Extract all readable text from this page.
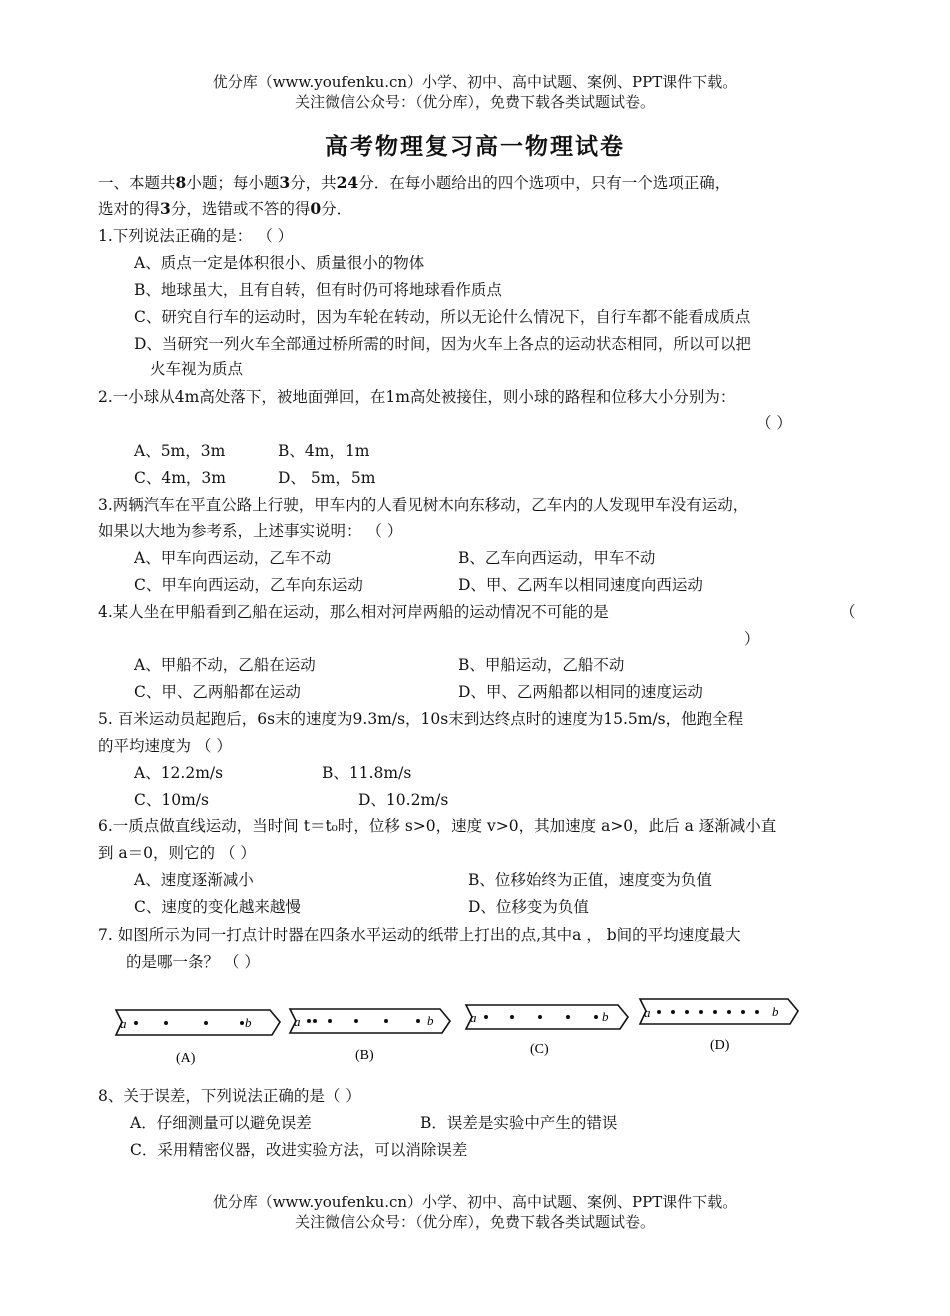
优分库（www.youfenku.cn）小学、初中、高中试题、案例、PPT课件下载。
关注微信公众号：（优分库），免费下载各类试题试卷。
高考物理复习高一物理试卷
一、本题共8小题；每小题3分，共24分．在每小题给出的四个选项中，只有一个选项正确，
选对的得3分，选错或不答的得0分．
1.下列说法正确的是： （ ）
A、质点一定是体积很小、质量很小的物体
B、地球虽大，且有自转，但有时仍可将地球看作质点
C、研究自行车的运动时，因为车轮在转动，所以无论什么情况下，自行车都不能看成质点
D、当研究一列火车全部通过桥所需的时间，因为火车上各点的运动状态相同，所以可以把
火车视为质点
2.一小球从4m高处落下，被地面弹回，在1m高处被接住，则小球的路程和位移大小分别为：
（ ）
A、5m，3m	B、4m，1m
C、4m，3m	D、 5m，5m
3.两辆汽车在平直公路上行驶，甲车内的人看见树木向东移动，乙车内的人发现甲车没有运动，
如果以大地为参考系，上述事实说明： （ ）
A、甲车向西运动，乙车不动	B、乙车向西运动，甲车不动
C、甲车向西运动，乙车向东运动	D、甲、乙两车以相同速度向西运动
4.某人坐在甲船看到乙船在运动，那么相对河岸两船的运动情况不可能的是	（
）
A、甲船不动，乙船在运动	B、甲船运动，乙船不动
C、甲、乙两船都在运动	D、甲、乙两船都以相同的速度运动
5. 百米运动员起跑后，6s末的速度为9.3m/s，10s末到达终点时的速度为15.5m/s，他跑全程
的平均速度为 （ ）
A、12.2m/s	B、11.8m/s
C、10m/s	D、10.2m/s
6.一质点做直线运动，当时间 t＝t₀时，位移 s>0，速度 v>0，其加速度 a>0，此后 a 逐渐减小直
到 a＝0，则它的 （ ）
A、速度逐渐减小	B、位移始终为正值，速度变为负值
C、速度的变化越来越慢	D、位移变为负值
7. 如图所示为同一打点计时器在四条水平运动的纸带上打出的点,其中a ， b间的平均速度最大
的是哪一条？ （ ）
a	b
(A)
a	b
(B)
a	b
(C)
a	b
(D)
8、关于误差，下列说法正确的是（ ）
A．仔细测量可以避免误差	B．误差是实验中产生的错误
C．采用精密仪器，改进实验方法，可以消除误差
优分库（www.youfenku.cn）小学、初中、高中试题、案例、PPT课件下载。
关注微信公众号：（优分库），免费下载各类试题试卷。
